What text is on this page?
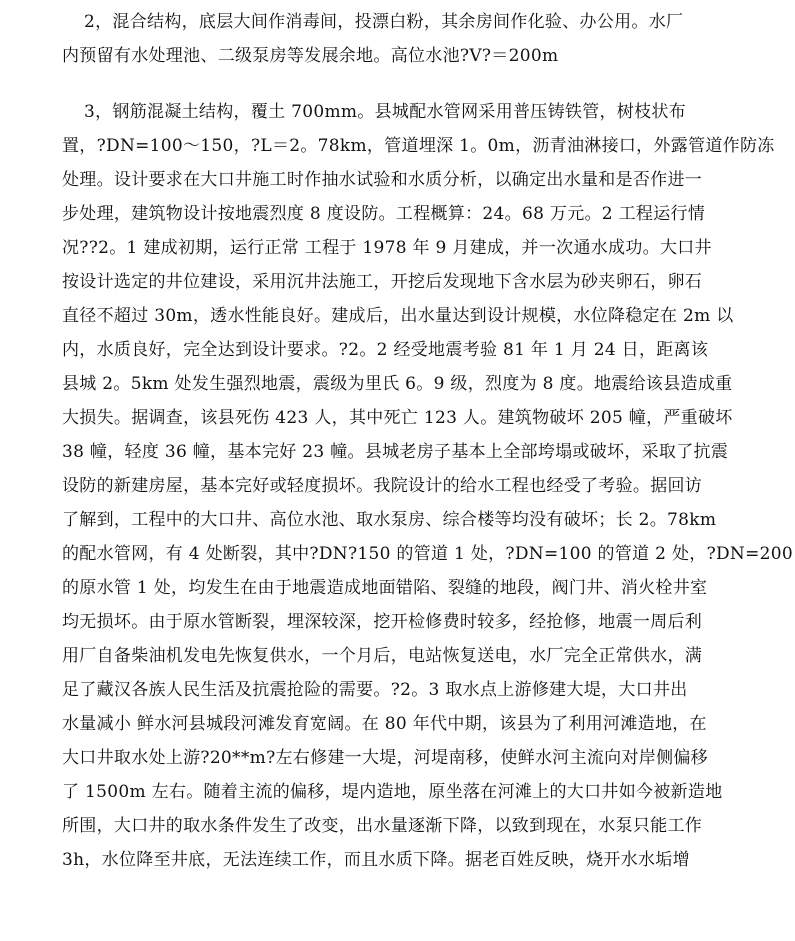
2，混合结构，底层大间作消毒间，投漂白粉，其余房间作化验、办公用。水厂

内预留有水处理池、二级泵房等发展余地。高位水池?V?＝200m

3，钢筋混凝土结构，覆土 700mm。县城配水管网采用普压铸铁管，树枝状布

置，?DN=100～150，?L＝2。78km，管道埋深 1。0m，沥青油淋接口，外露管道作防冻

处理。设计要求在大口井施工时作抽水试验和水质分析，以确定出水量和是否作进一

步处理，建筑物设计按地震烈度 8 度设防。工程概算：24。68 万元。2 工程运行情

况??2。1 建成初期，运行正常 工程于 1978 年 9 月建成，并一次通水成功。大口井

按设计选定的井位建设，采用沉井法施工，开挖后发现地下含水层为砂夹卵石，卵石

直径不超过 30m，透水性能良好。建成后，出水量达到设计规模，水位降稳定在 2m 以

内，水质良好，完全达到设计要求。?2。2 经受地震考验 81 年 1 月 24 日，距离该

县城 2。5km 处发生强烈地震，震级为里氏 6。9 级，烈度为 8 度。地震给该县造成重

大损失。据调查，该县死伤 423 人，其中死亡 123 人。建筑物破坏 205 幢，严重破坏

38 幢，轻度 36 幢，基本完好 23 幢。县城老房子基本上全部垮塌或破坏，采取了抗震

设防的新建房屋，基本完好或轻度损坏。我院设计的给水工程也经受了考验。据回访

了解到，工程中的大口井、高位水池、取水泵房、综合楼等均没有破坏；长 2。78km

的配水管网，有 4 处断裂，其中?DN?150 的管道 1 处，?DN=100 的管道 2 处，?DN=200

的原水管 1 处，均发生在由于地震造成地面错陷、裂缝的地段，阀门井、消火栓井室

均无损坏。由于原水管断裂，埋深较深，挖开检修费时较多，经抢修，地震一周后利

用厂自备柴油机发电先恢复供水，一个月后，电站恢复送电，水厂完全正常供水，满

足了藏汉各族人民生活及抗震抢险的需要。?2。3 取水点上游修建大堤，大口井出

水量减小 鲜水河县城段河滩发育宽阔。在 80 年代中期，该县为了利用河滩造地，在

大口井取水处上游?20**m?左右修建一大堤，河堤南移，使鲜水河主流向对岸侧偏移

了 1500m 左右。随着主流的偏移，堤内造地，原坐落在河滩上的大口井如今被新造地

所围，大口井的取水条件发生了改变，出水量逐渐下降，以致到现在，水泵只能工作

3h，水位降至井底，无法连续工作，而且水质下降。据老百姓反映，烧开水水垢增
